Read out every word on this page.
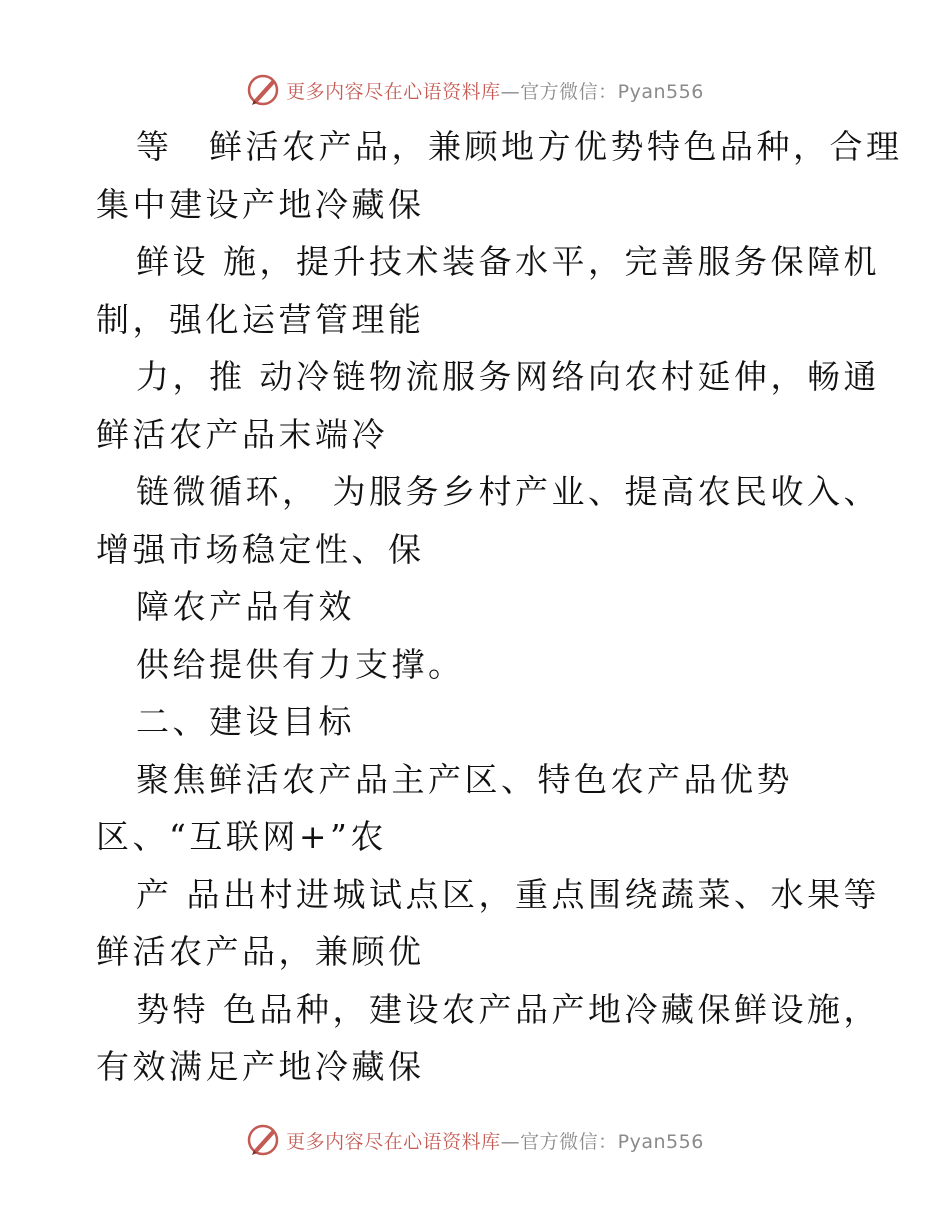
更多内容尽在心语资料库—官方微信：Pyan556
等　鲜活农产品，兼顾地方优势特色品种，合理
集中建设产地冷藏保
鲜设 施，提升技术装备水平，完善服务保障机
制，强化运营管理能
力，推 动冷链物流服务网络向农村延伸，畅通
鲜活农产品末端冷
链微循环， 为服务乡村产业、提高农民收入、
增强市场稳定性、保
障农产品有效
供给提供有力支撑。
二、建设目标
聚焦鲜活农产品主产区、特色农产品优势
区、“互联网+”农
产 品出村进城试点区，重点围绕蔬菜、水果等
鲜活农产品，兼顾优
势特 色品种，建设农产品产地冷藏保鲜设施，
有效满足产地冷藏保
更多内容尽在心语资料库—官方微信：Pyan556
